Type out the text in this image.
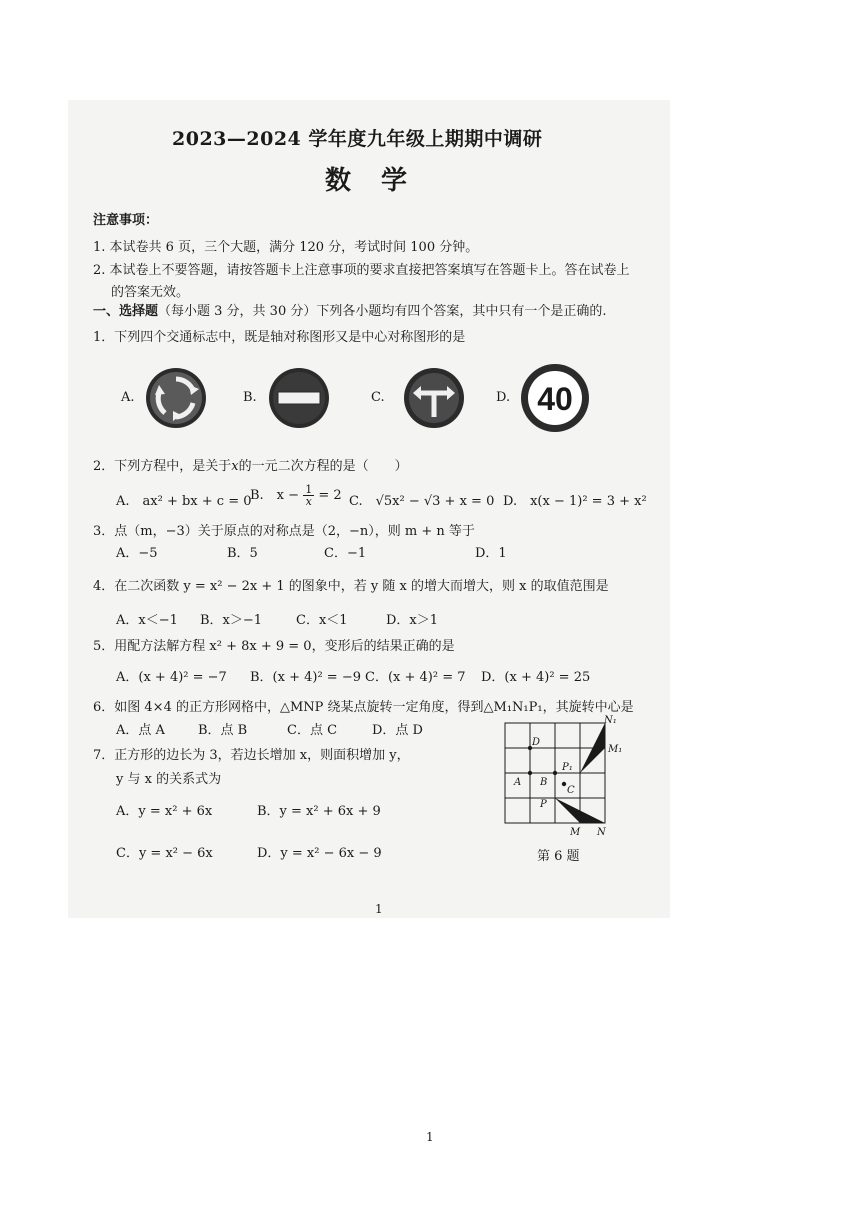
2023—2024 学年度九年级上期期中调研
数学
注意事项：
1. 本试卷共 6 页，三个大题，满分 120 分，考试时间 100 分钟。
2. 本试卷上不要答题，请按答题卡上注意事项的要求直接把答案填写在答题卡上。答在试卷上
的答案无效。
一、选择题（每小题 3 分，共 30 分）下列各小题均有四个答案，其中只有一个是正确的.
1．下列四个交通标志中，既是轴对称图形又是中心对称图形的是
A.	B.	C.	D. 40
2．下列方程中，是关于x的一元二次方程的是（　　）
A.　ax² + bx + c = 0
B.　$x - \frac{1}{x} = 2$ C.　√5x² − √3 + x = 0 D.　x(x − 1)² = 3 + x²
3．点（m，−3）关于原点的对称点是（2，−n），则 m + n 等于
A．−5	B．5	C．−1	D．1
4．在二次函数 y = x² − 2x + 1 的图象中，若 y 随 x 的增大而增大，则 x 的取值范围是
A．x＜−1 B．x＞−1	C．x＜1	D．x＞1
5．用配方法解方程 x² + 8x + 9 = 0，变形后的结果正确的是
A．(x + 4)² = −7 B．(x + 4)² = −9 C．(x + 4)² = 7 D．(x + 4)² = 25
6．如图 4×4 的正方形网格中，△MNP 绕某点旋转一定角度，得到△M₁N₁P₁，其旋转中心是
A．点 A	B．点 B	C．点 C	D．点 D
N₁
M₁
D
P₁
A B
C
P
M N
第 6 题
7．正方形的边长为 3，若边长增加 x，则面积增加 y，
y 与 x 的关系式为
A．y = x² + 6x	B．y = x² + 6x + 9
C．y = x² − 6x	D．y = x² − 6x − 9
1
1
